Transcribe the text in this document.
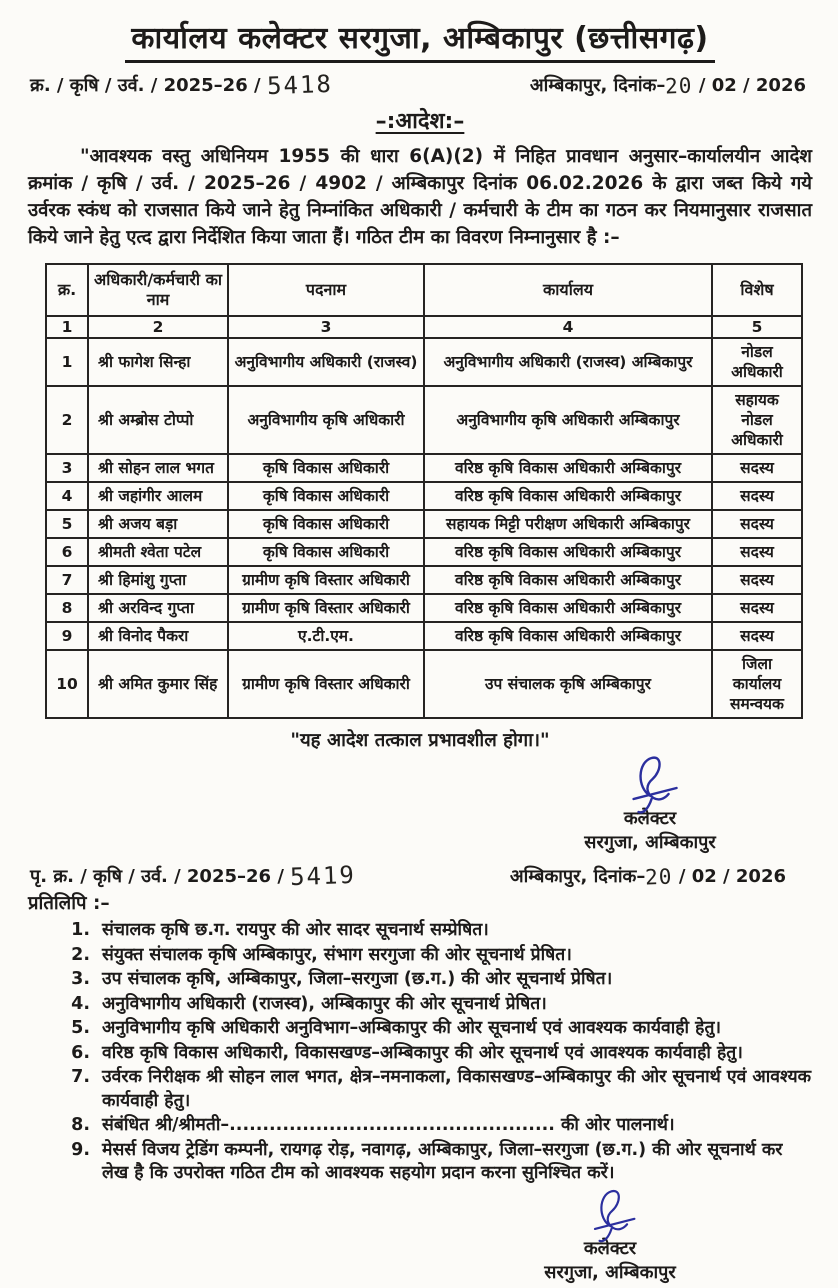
कार्यालय कलेक्टर सरगुजा, अम्बिकापुर (छत्तीसगढ़)
क्र. / कृषि / उर्व. / 2025–26 / 5418	अम्बिकापुर, दिनांक–20 / 02 / 2026
–:आदेश:–

"आवश्यक वस्तु अधिनियम 1955 की धारा 6(A)(2) में निहित प्रावधान अनुसार–कार्यालयीन आदेश क्रमांक / कृषि / उर्व. / 2025–26 / 4902 / अम्बिकापुर दिनांक 06.02.2026 के द्वारा जब्त किये गये उर्वरक स्कंध को राजसात किये जाने हेतु निम्नांकित अधिकारी / कर्मचारी के टीम का गठन कर नियमानुसार राजसात किये जाने हेतु एत्द द्वारा निर्देशित किया जाता हैं। गठित टीम का विवरण निम्नानुसार है :–

क्र.	अधिकारी/कर्मचारी का नाम	पदनाम	कार्यालय	विशेष
1	2	3	4	5
1	श्री फागेश सिन्हा	अनुविभागीय अधिकारी (राजस्व)	अनुविभागीय अधिकारी (राजस्व) अम्बिकापुर	नोडल अधिकारी
2	श्री अम्ब्रोस टोप्पो	अनुविभागीय कृषि अधिकारी	अनुविभागीय कृषि अधिकारी अम्बिकापुर	सहायक नोडल अधिकारी
3	श्री सोहन लाल भगत	कृषि विकास अधिकारी	वरिष्ठ कृषि विकास अधिकारी अम्बिकापुर	सदस्य
4	श्री जहांगीर आलम	कृषि विकास अधिकारी	वरिष्ठ कृषि विकास अधिकारी अम्बिकापुर	सदस्य
5	श्री अजय बड़ा	कृषि विकास अधिकारी	सहायक मिट्टी परीक्षण अधिकारी अम्बिकापुर	सदस्य
6	श्रीमती श्वेता पटेल	कृषि विकास अधिकारी	वरिष्ठ कृषि विकास अधिकारी अम्बिकापुर	सदस्य
7	श्री हिमांशु गुप्ता	ग्रामीण कृषि विस्तार अधिकारी	वरिष्ठ कृषि विकास अधिकारी अम्बिकापुर	सदस्य
8	श्री अरविन्द गुप्ता	ग्रामीण कृषि विस्तार अधिकारी	वरिष्ठ कृषि विकास अधिकारी अम्बिकापुर	सदस्य
9	श्री विनोद पैकरा	ए.टी.एम.	वरिष्ठ कृषि विकास अधिकारी अम्बिकापुर	सदस्य
10	श्री अमित कुमार सिंह	ग्रामीण कृषि विस्तार अधिकारी	उप संचालक कृषि अम्बिकापुर	जिला कार्यालय समन्वयक
"यह आदेश तत्काल प्रभावशील होगा।"
कलेक्टर
सरगुजा, अम्बिकापुर
पृ. क्र. / कृषि / उर्व. / 2025–26 / 5419	अम्बिकापुर, दिनांक–20 / 02 / 2026
प्रतिलिपि :–
1. संचालक कृषि छ.ग. रायपुर की ओर सादर सूचनार्थ सम्प्रेषित।
2. संयुक्त संचालक कृषि अम्बिकापुर, संभाग सरगुजा की ओर सूचनार्थ प्रेषित।
3. उप संचालक कृषि, अम्बिकापुर, जिला–सरगुजा (छ.ग.) की ओर सूचनार्थ प्रेषित।
4. अनुविभागीय अधिकारी (राजस्व), अम्बिकापुर की ओर सूचनार्थ प्रेषित।
5. अनुविभागीय कृषि अधिकारी अनुविभाग–अम्बिकापुर की ओर सूचनार्थ एवं आवश्यक कार्यवाही हेतु।
6. वरिष्ठ कृषि विकास अधिकारी, विकासखण्ड–अम्बिकापुर की ओर सूचनार्थ एवं आवश्यक कार्यवाही हेतु।
7. उर्वरक निरीक्षक श्री सोहन लाल भगत, क्षेत्र–नमनाकला, विकासखण्ड–अम्बिकापुर की ओर सूचनार्थ एवं आवश्यक कार्यवाही हेतु।
8. संबंधित श्री/श्रीमती–................................................. की ओर पालनार्थ।
9. मेसर्स विजय ट्रेडिंग कम्पनी, रायगढ़ रोड़, नवागढ़, अम्बिकापुर, जिला–सरगुजा (छ.ग.) की ओर सूचनार्थ कर लेख है कि उपरोक्त गठित टीम को आवश्यक सहयोग प्रदान करना सुनिश्चित करें।
कलेक्टर
सरगुजा, अम्बिकापुर
